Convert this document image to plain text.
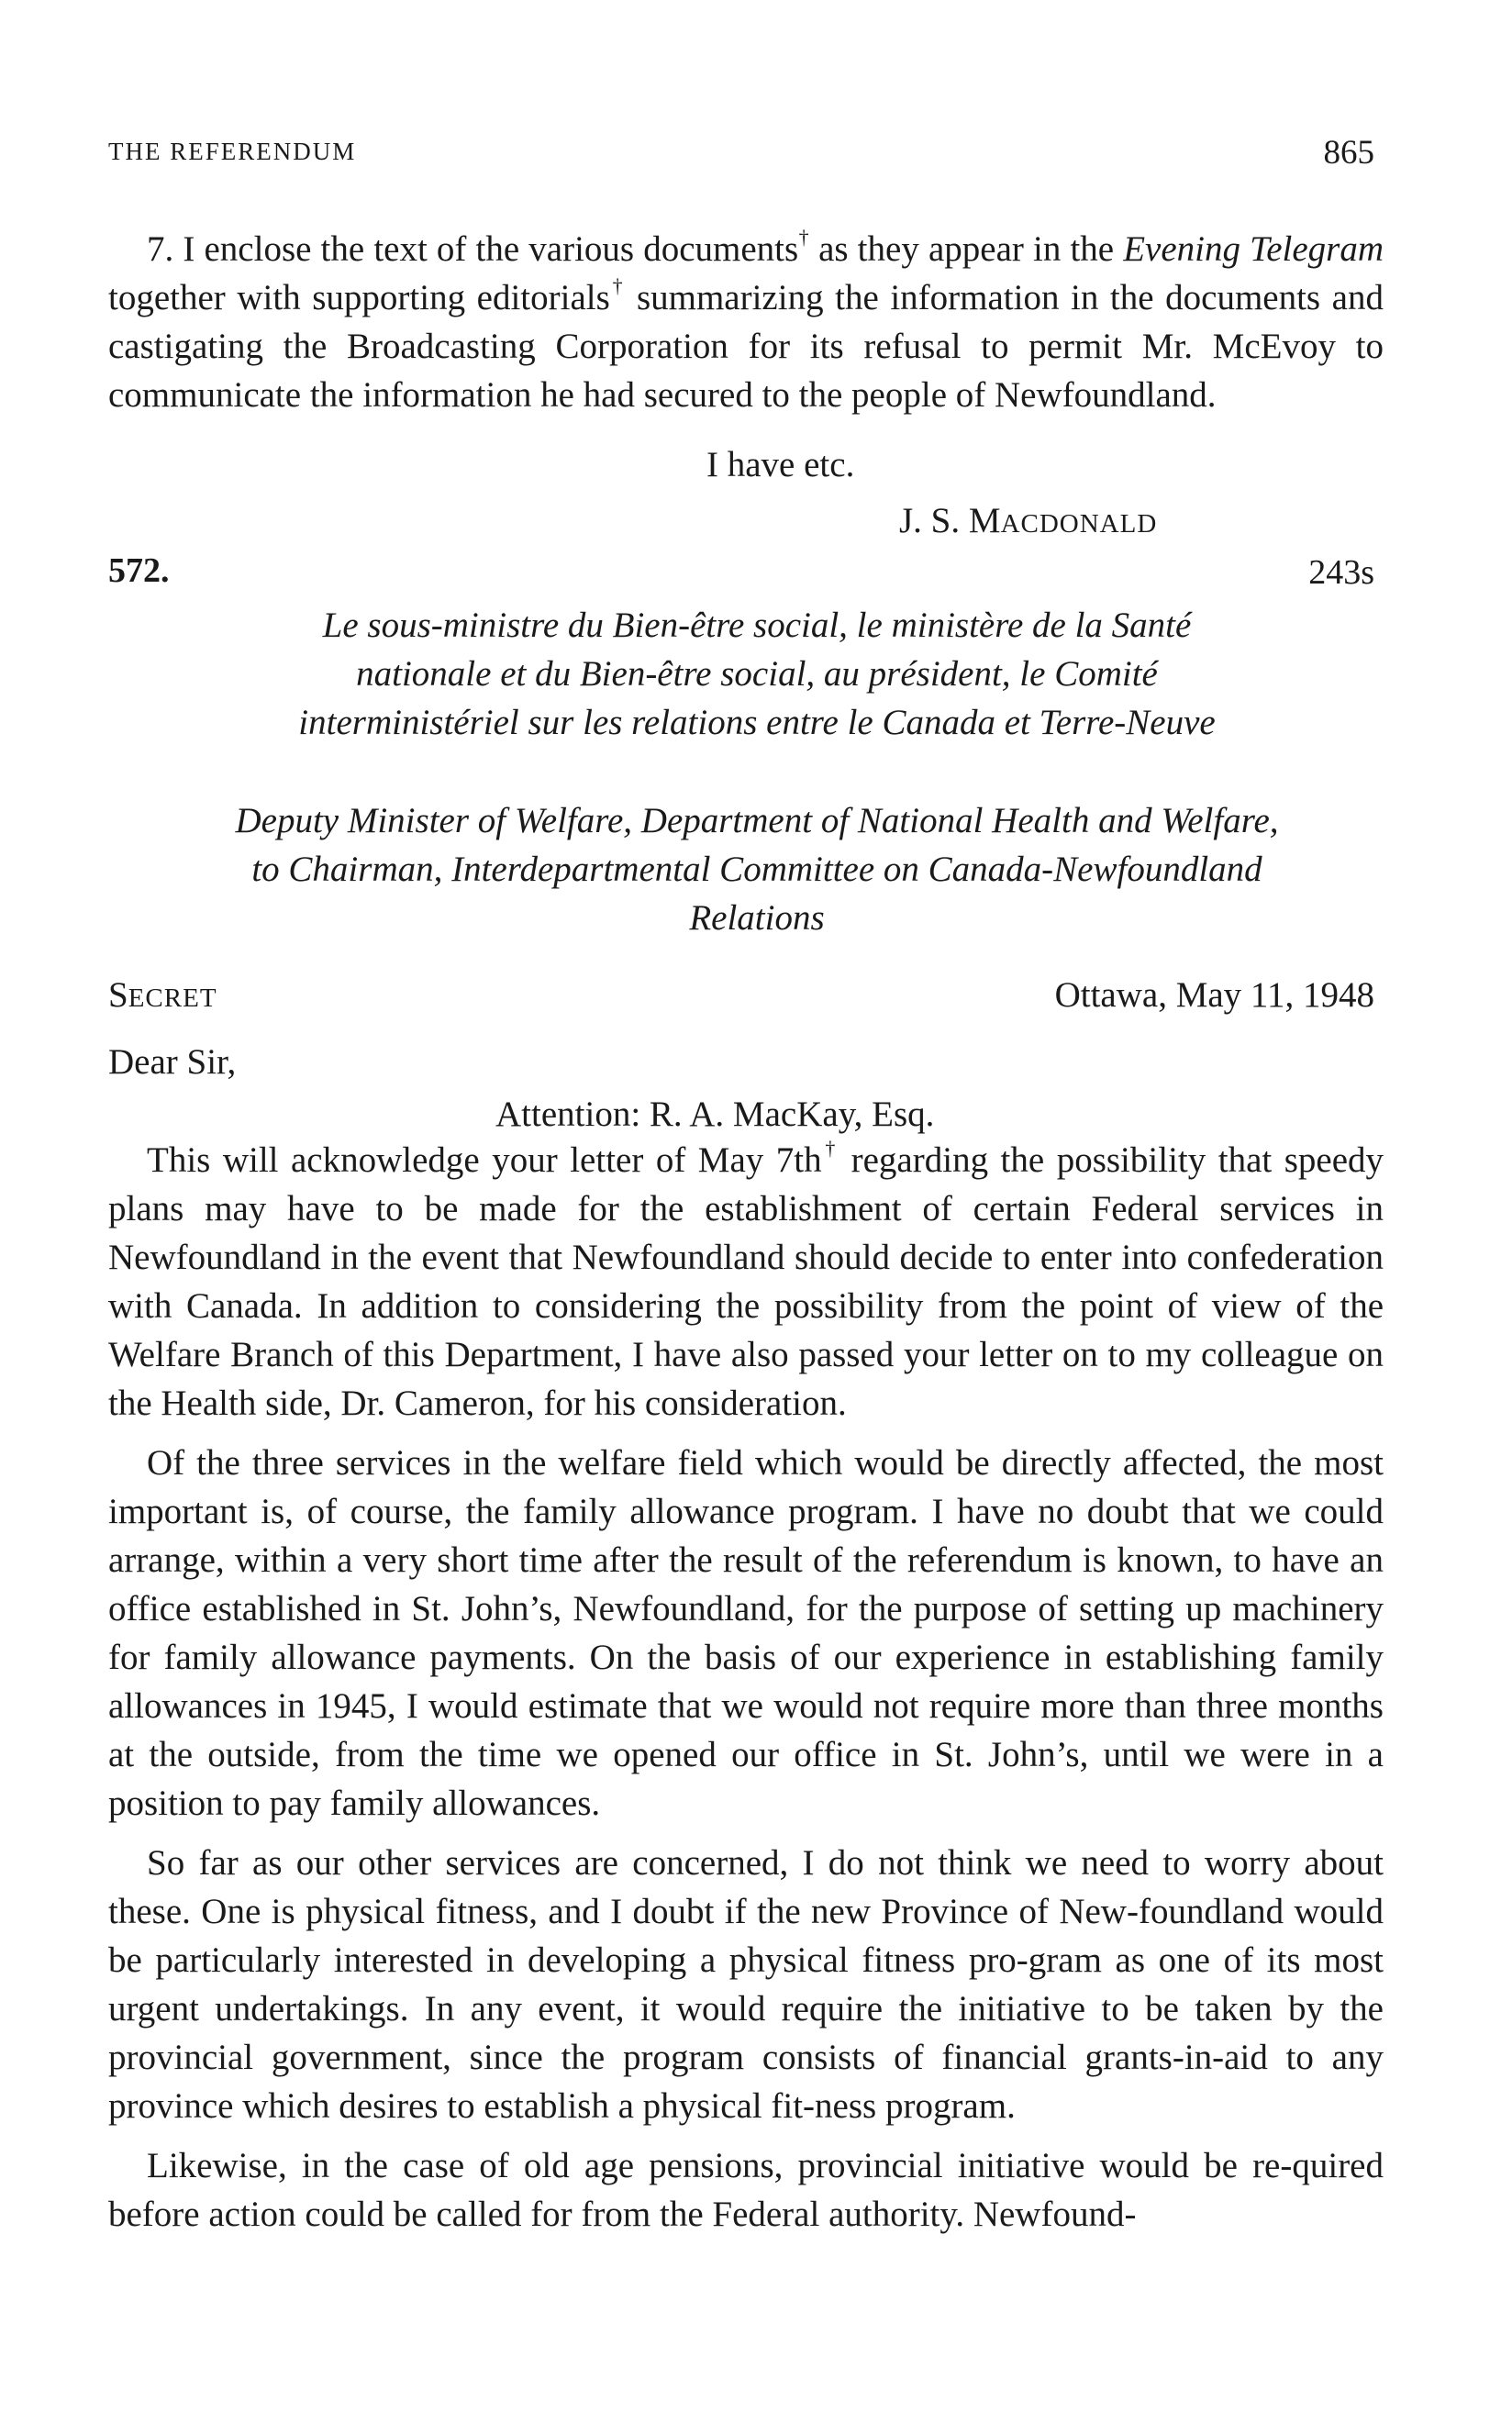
THE REFERENDUM	865

7. I enclose the text of the various documents† as they appear in the Evening Telegram together with supporting editorials† summarizing the information in the documents and castigating the Broadcasting Corporation for its refusal to permit Mr. McEvoy to communicate the information he had secured to the people of Newfoundland.

I have etc.
J. S. MACDONALD
572.	243s
Le sous-ministre du Bien-être social, le ministère de la Santé nationale et du Bien-être social, au président, le Comité interministériel sur les relations entre le Canada et Terre-Neuve
Deputy Minister of Welfare, Department of National Health and Welfare, to Chairman, Interdepartmental Committee on Canada-Newfoundland Relations
SECRET	Ottawa, May 11, 1948
Dear Sir,
Attention: R. A. MacKay, Esq.

This will acknowledge your letter of May 7th† regarding the possibility that speedy plans may have to be made for the establishment of certain Federal services in Newfoundland in the event that Newfoundland should decide to enter into confederation with Canada. In addition to considering the possibility from the point of view of the Welfare Branch of this Department, I have also passed your letter on to my colleague on the Health side, Dr. Cameron, for his consideration.

Of the three services in the welfare field which would be directly affected, the most important is, of course, the family allowance program. I have no doubt that we could arrange, within a very short time after the result of the referendum is known, to have an office established in St. John’s, Newfoundland, for the purpose of setting up machinery for family allowance payments. On the basis of our experience in establishing family allowances in 1945, I would estimate that we would not require more than three months at the outside, from the time we opened our office in St. John’s, until we were in a position to pay family allowances.

So far as our other services are concerned, I do not think we need to worry about these. One is physical fitness, and I doubt if the new Province of New-foundland would be particularly interested in developing a physical fitness pro-gram as one of its most urgent undertakings. In any event, it would require the initiative to be taken by the provincial government, since the program consists of financial grants-in-aid to any province which desires to establish a physical fit-ness program.

Likewise, in the case of old age pensions, provincial initiative would be re-quired before action could be called for from the Federal authority. Newfound-
